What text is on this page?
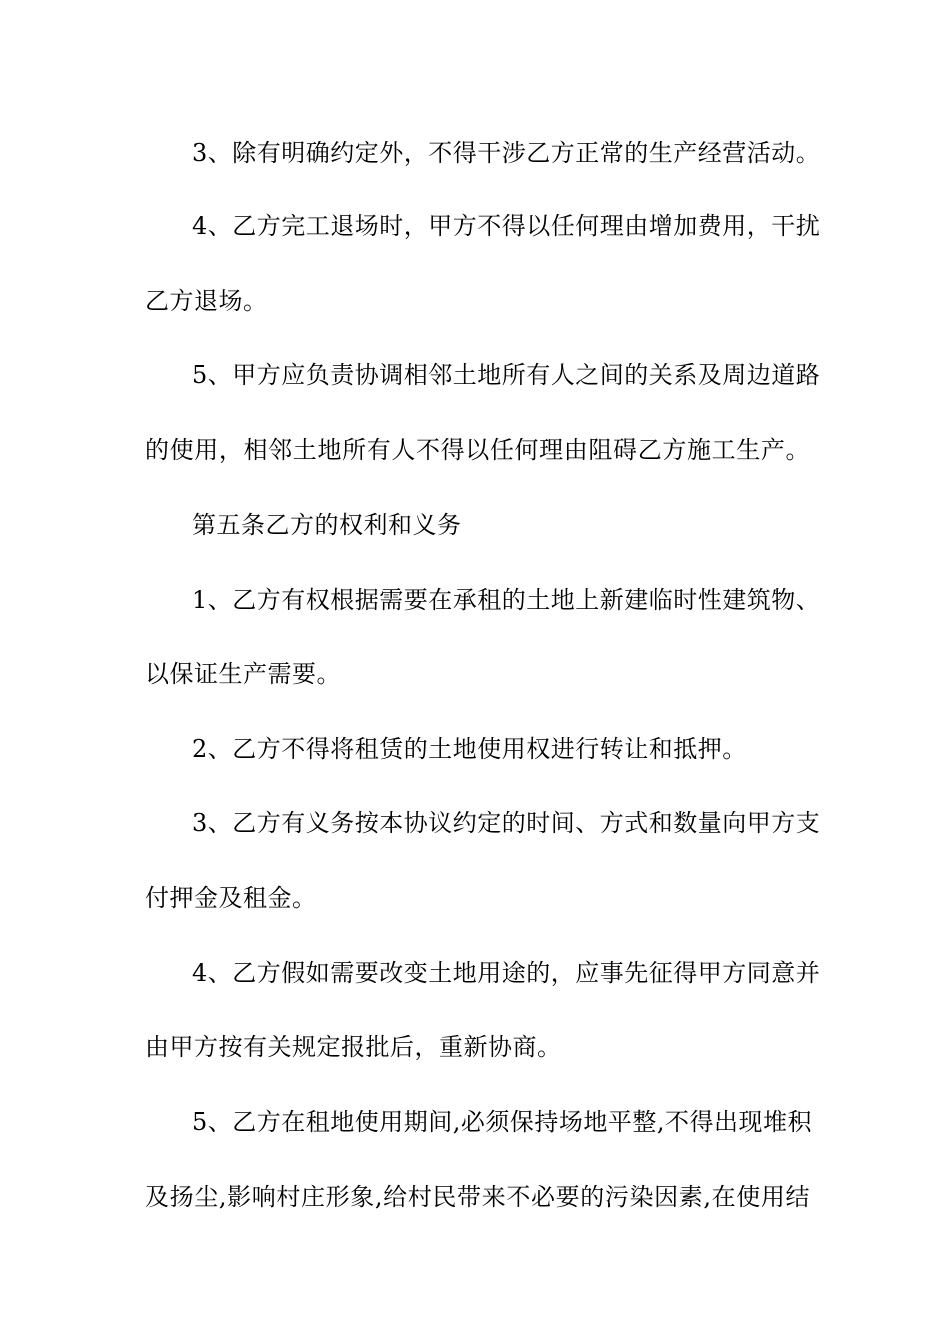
3、除有明确约定外，不得干涉乙方正常的生产经营活动。
4、乙方完工退场时，甲方不得以任何理由增加费用，干扰
乙方退场。
5、甲方应负责协调相邻土地所有人之间的关系及周边道路
的使用，相邻土地所有人不得以任何理由阻碍乙方施工生产。
第五条乙方的权利和义务
1、乙方有权根据需要在承租的土地上新建临时性建筑物、
以保证生产需要。
2、乙方不得将租赁的土地使用权进行转让和抵押。
3、乙方有义务按本协议约定的时间、方式和数量向甲方支
付押金及租金。
4、乙方假如需要改变土地用途的，应事先征得甲方同意并
由甲方按有关规定报批后，重新协商。
5、乙方在租地使用期间,必须保持场地平整,不得出现堆积
及扬尘,影响村庄形象,给村民带来不必要的污染因素,在使用结
